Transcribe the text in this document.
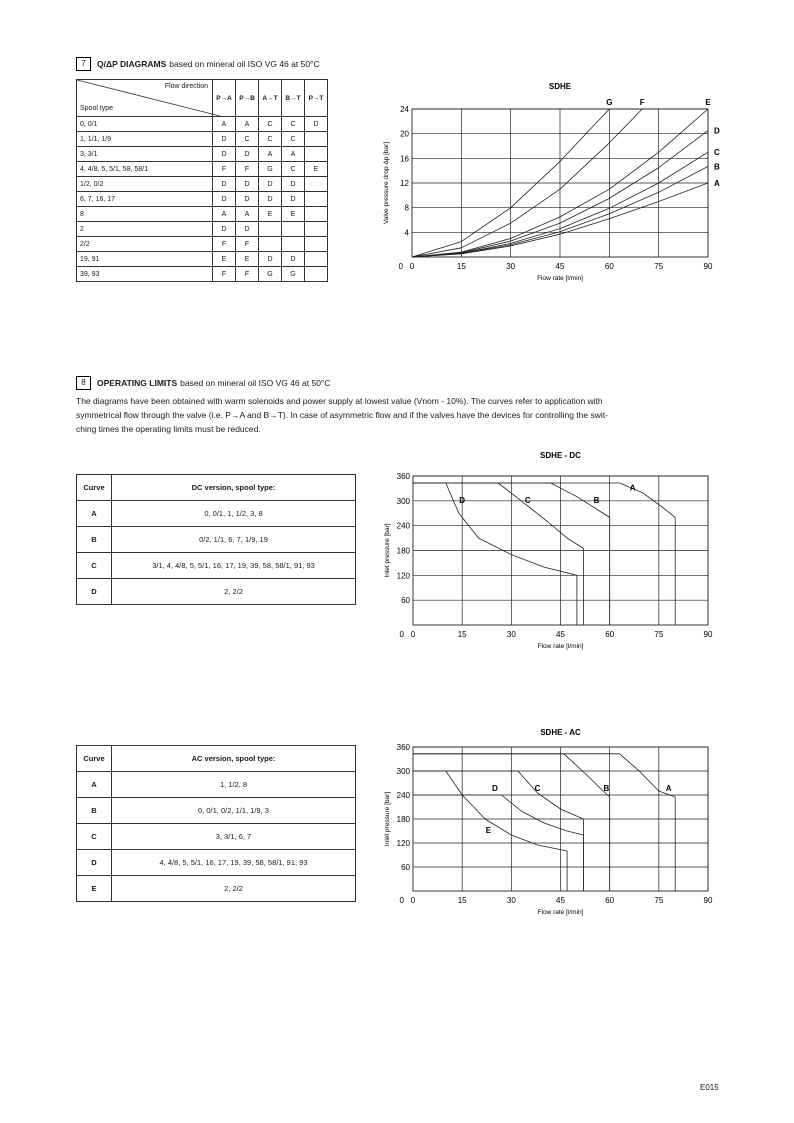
7	Q/ΔP DIAGRAMS based on mineral oil ISO VG 46 at 50°C
Flow direction
Spool type	P→A	P→B	A→T	B→T	P→T
0, 0/1	A	A	C	C	D
1, 1/1, 1/9	D	C	C	C	
3, 3/1	D	D	A	A	
4, 4/8, 5, 5/1, 58, 58/1	F	F	G	C	E
1/2, 0/2	D	D	D	D	
6, 7, 16, 17	D	D	D	D	
8	A	A	E	E	
2	D	D			
2/2	F	F			
19, 91	E	E	D	D	
39, 93	F	F	G	G	
SDHE
0	15	30	45	60	75	90
0
4
8
12
16
20
24
Flow rate [l/min]
Valve pressure drop Δp [bar]
G	F	E
D
C
B
A
8	OPERATING LIMITS based on mineral oil ISO VG 46 at 50°C
The diagrams have been obtained with warm solenoids and power supply at lowest value (Vnom - 10%). The curves refer to application with
symmetrical flow through the valve (i.e. P→A and B→T). In case of asymmetric flow and if the valves have the devices for controlling the swit-
ching times the operating limits must be reduced.
Curve	DC version, spool type:
A	0, 0/1, 1, 1/2, 3, 8
B	0/2, 1/1, 6, 7, 1/9, 19
C	3/1, 4, 4/8, 5, 5/1, 16, 17, 19, 39, 58, 58/1, 91, 93
D	2, 2/2
SDHE - DC
0	15	30	45	60	75	90
0
60
120
180
240
300
360
Flow rate [l/min]
Inlet pressure [bar]
A
B
C
D
Curve	AC version, spool type:
A	1, 1/2, 8
B	0, 0/1, 0/2, 1/1, 1/9, 3
C	3, 3/1, 6, 7
D	4, 4/8, 5, 5/1, 16, 17, 19, 39, 58, 58/1, 91, 93
E	2, 2/2
SDHE - AC
0	15	30	45	60	75	90
0
60
120
180
240
300
360
Flow rate [l/min]
Inlet pressure [bar]
A
B
C
D
E
E015
